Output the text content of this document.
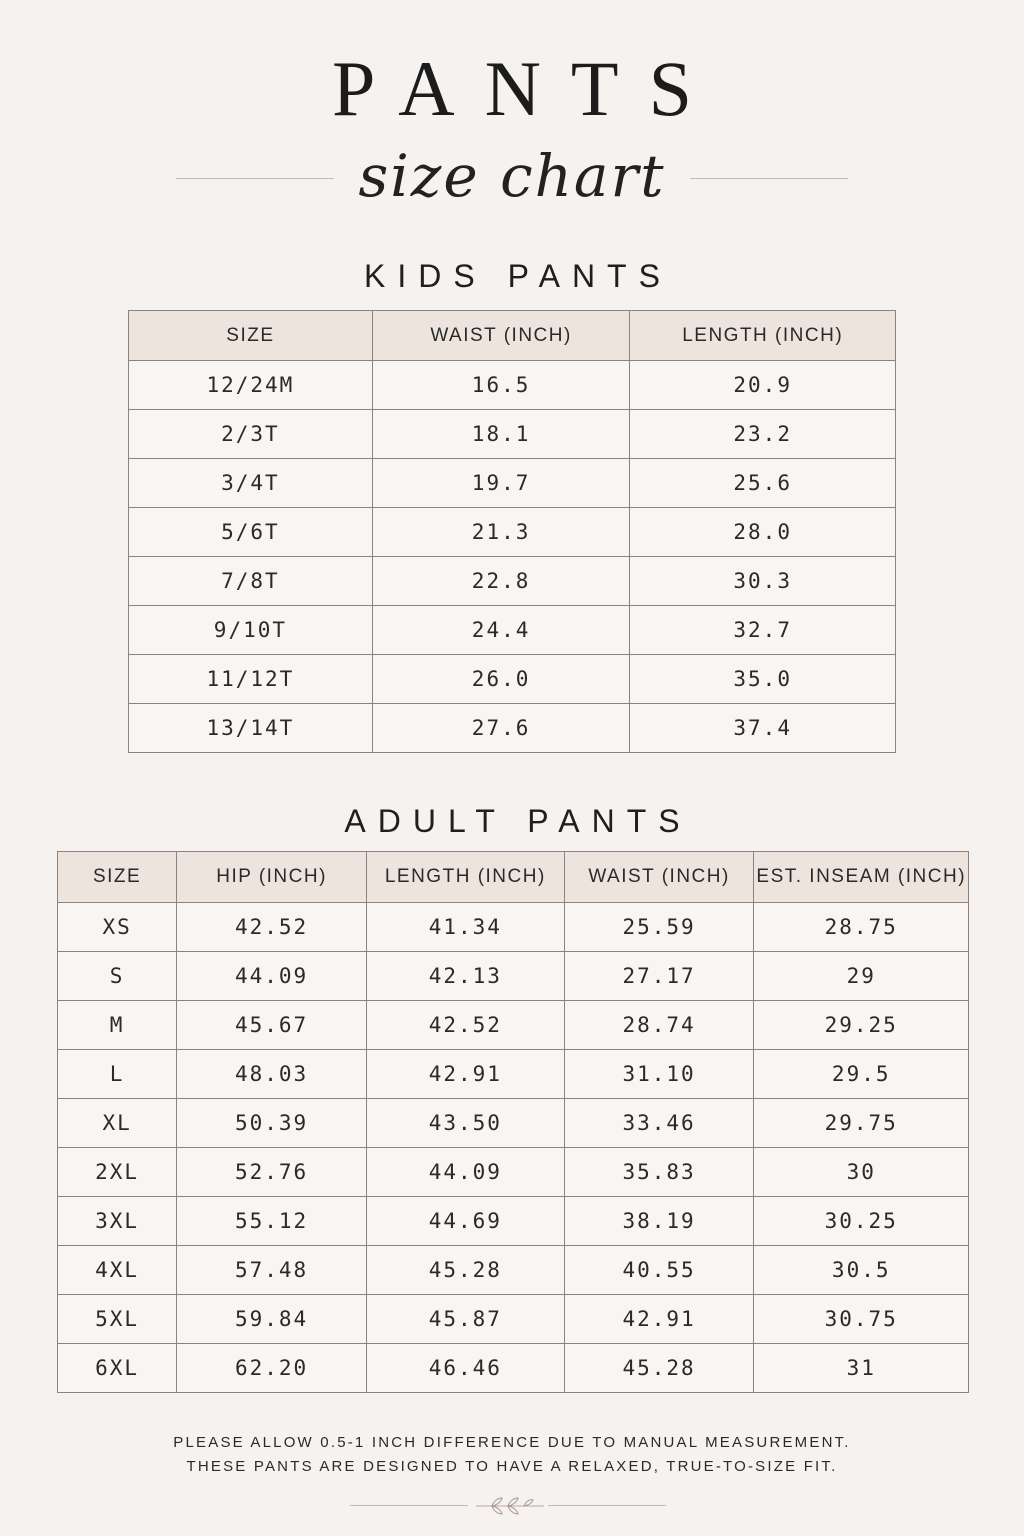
PANTS
size chart
KIDS PANTS
SIZE	WAIST (INCH)	LENGTH (INCH)
12/24M	16.5	20.9
2/3T	18.1	23.2
3/4T	19.7	25.6
5/6T	21.3	28.0
7/8T	22.8	30.3
9/10T	24.4	32.7
11/12T	26.0	35.0
13/14T	27.6	37.4
ADULT PANTS
SIZE	HIP (INCH)	LENGTH (INCH)	WAIST (INCH)	EST. INSEAM (INCH)
XS	42.52	41.34	25.59	28.75
S	44.09	42.13	27.17	29
M	45.67	42.52	28.74	29.25
L	48.03	42.91	31.10	29.5
XL	50.39	43.50	33.46	29.75
2XL	52.76	44.09	35.83	30
3XL	55.12	44.69	38.19	30.25
4XL	57.48	45.28	40.55	30.5
5XL	59.84	45.87	42.91	30.75
6XL	62.20	46.46	45.28	31
PLEASE ALLOW 0.5-1 INCH DIFFERENCE DUE TO MANUAL MEASUREMENT.
THESE PANTS ARE DESIGNED TO HAVE A RELAXED, TRUE-TO-SIZE FIT.
